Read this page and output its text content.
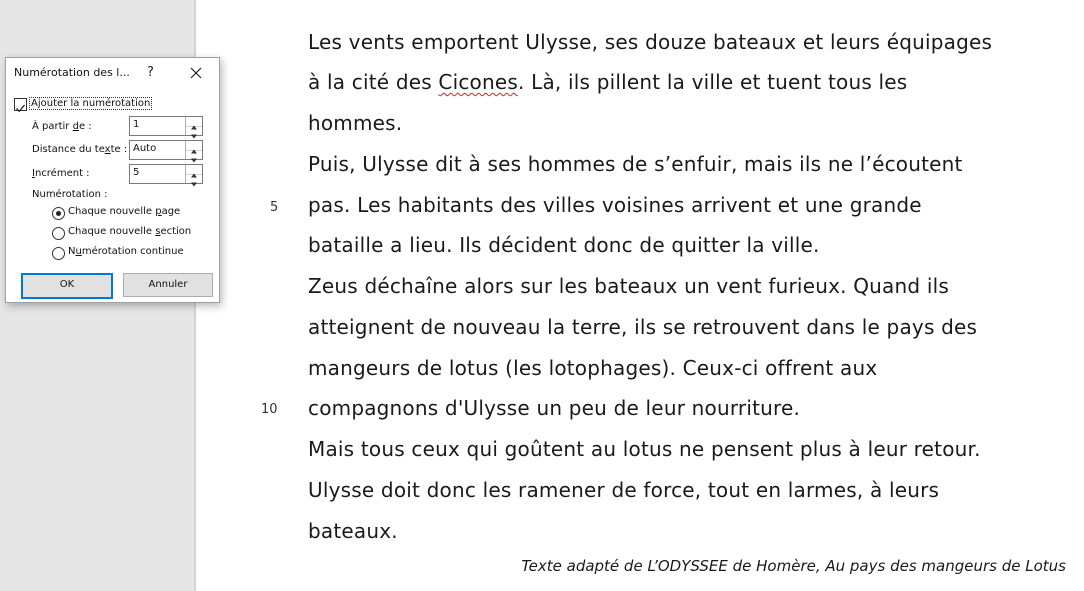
Les vents emportent Ulysse, ses douze bateaux et leurs équipages
à la cité des Cicones. Là, ils pillent la ville et tuent tous les
hommes.
Puis, Ulysse dit à ses hommes de s’enfuir, mais ils ne l’écoutent
pas. Les habitants des villes voisines arrivent et une grande
bataille a lieu. Ils décident donc de quitter la ville.
Zeus déchaîne alors sur les bateaux un vent furieux. Quand ils
atteignent de nouveau la terre, ils se retrouvent dans le pays des
mangeurs de lotus (les lotophages). Ceux-ci offrent aux
compagnons d'Ulysse un peu de leur nourriture.
Mais tous ceux qui goûtent au lotus ne pensent plus à leur retour.
Ulysse doit donc les ramener de force, tout en larmes, à leurs
bateaux.
5
10
Texte adapté de L’ODYSSEE de Homère, Au pays des mangeurs de Lotus
Numérotation des l... ?
Ajouter la numérotation
À partir de :	1
Distance du texte : Auto
Incrément :	5
Numérotation :
Chaque nouvelle page
Chaque nouvelle section
Numérotation continue
OK	Annuler
